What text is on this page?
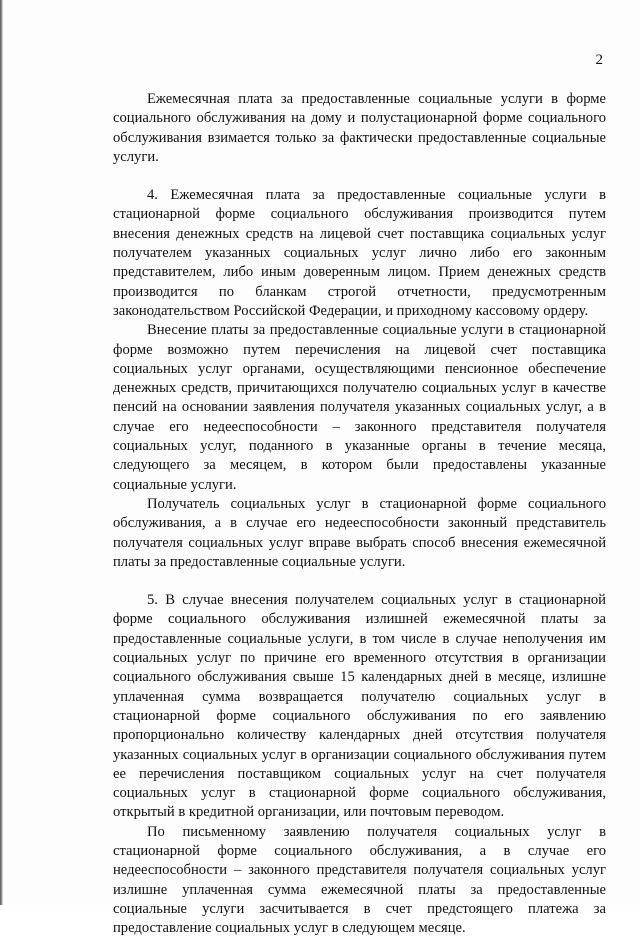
2

Ежемесячная плата за предоставленные социальные услуги в форме социального обслуживания на дому и полустационарной форме социального обслуживания взимается только за фактически предоставленные социальные услуги.

4. Ежемесячная плата за предоставленные социальные услуги в стационарной форме социального обслуживания производится путем внесения денежных средств на лицевой счет поставщика социальных услуг получателем указанных социальных услуг лично либо его законным представителем, либо иным доверенным лицом. Прием денежных средств производится по бланкам строгой отчетности, предусмотренным законодательством Российской Федерации, и приходному кассовому ордеру.

Внесение платы за предоставленные социальные услуги в стационарной форме возможно путем перечисления на лицевой счет поставщика социальных услуг органами, осуществляющими пенсионное обеспечение денежных средств, причитающихся получателю социальных услуг в качестве пенсий на основании заявления получателя указанных социальных услуг, а в случае его недееспособности – законного представителя получателя социальных услуг, поданного в указанные органы в течение месяца, следующего за месяцем, в котором были предоставлены указанные социальные услуги.

Получатель социальных услуг в стационарной форме социального обслуживания, а в случае его недееспособности законный представитель получателя социальных услуг вправе выбрать способ внесения ежемесячной платы за предоставленные социальные услуги.

5. В случае внесения получателем социальных услуг в стационарной форме социального обслуживания излишней ежемесячной платы за предоставленные социальные услуги, в том числе в случае неполучения им социальных услуг по причине его временного отсутствия в организации социального обслуживания свыше 15 календарных дней в месяце, излишне уплаченная сумма возвращается получателю социальных услуг в стационарной форме социального обслуживания по его заявлению пропорционально количеству календарных дней отсутствия получателя указанных социальных услуг в организации социального обслуживания путем ее перечисления поставщиком социальных услуг на счет получателя социальных услуг в стационарной форме социального обслуживания, открытый в кредитной организации, или почтовым переводом.

По письменному заявлению получателя социальных услуг в стационарной форме социального обслуживания, а в случае его недееспособности – законного представителя получателя социальных услуг излишне уплаченная сумма ежемесячной платы за предоставленные социальные услуги засчитывается в счет предстоящего платежа за предоставление социальных услуг в следующем месяце.
